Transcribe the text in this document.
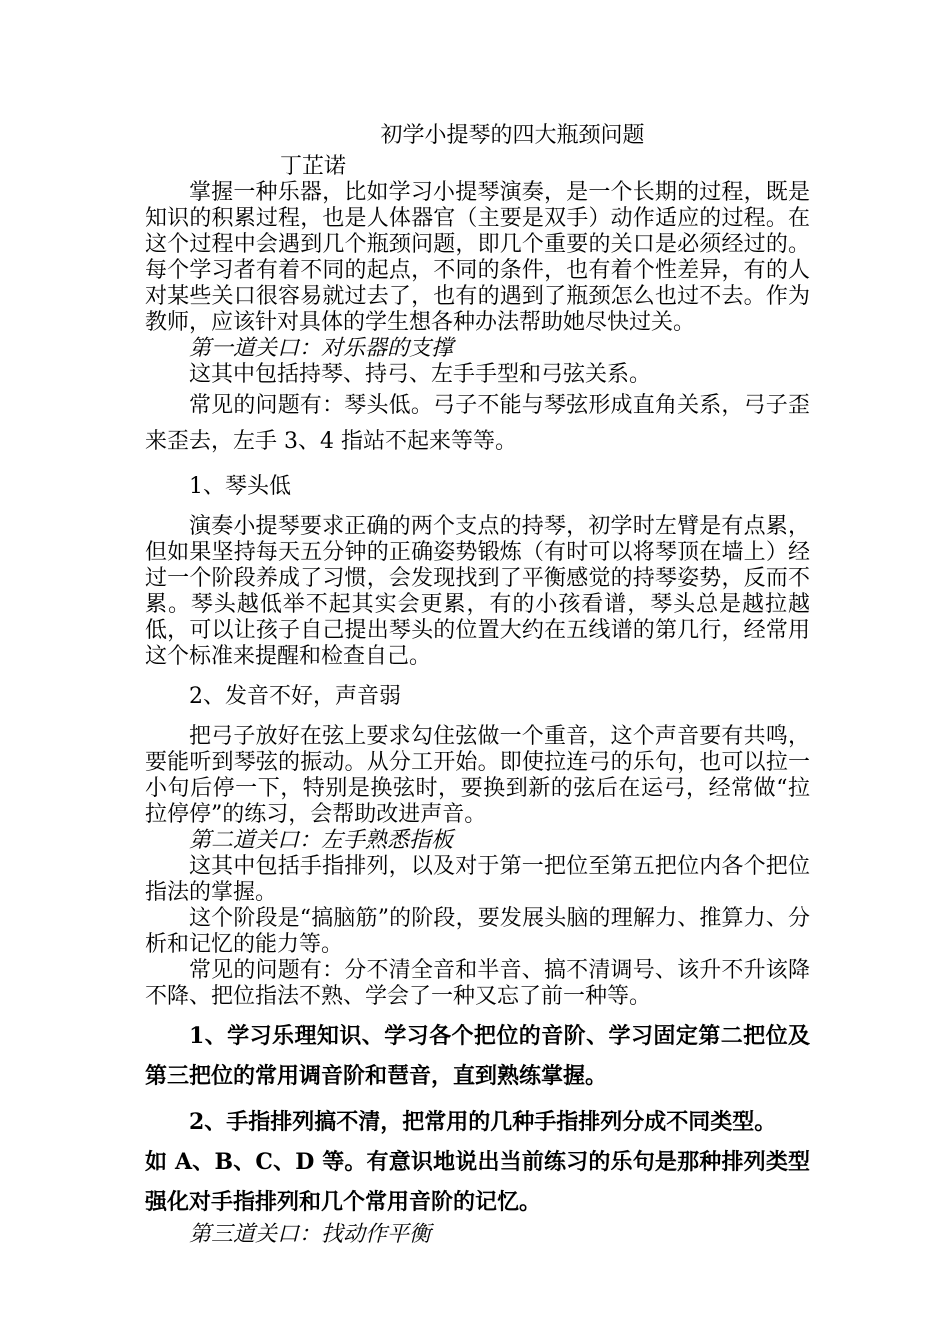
初学小提琴的四大瓶颈问题
丁芷诺

掌握一种乐器，比如学习小提琴演奏，是一个长期的过程，既是知识的积累过程，也是人体器官（主要是双手）动作适应的过程。在这个过程中会遇到几个瓶颈问题，即几个重要的关口是必须经过的。每个学习者有着不同的起点，不同的条件，也有着个性差异，有的人对某些关口很容易就过去了，也有的遇到了瓶颈怎么也过不去。作为教师，应该针对具体的学生想各种办法帮助她尽快过关。

第一道关口：对乐器的支撑

这其中包括持琴、持弓、左手手型和弓弦关系。

常见的问题有：琴头低。弓子不能与琴弦形成直角关系，弓子歪来歪去，左手 3、4 指站不起来等等。

1、琴头低

演奏小提琴要求正确的两个支点的持琴，初学时左臂是有点累，但如果坚持每天五分钟的正确姿势锻炼（有时可以将琴顶在墙上）经过一个阶段养成了习惯，会发现找到了平衡感觉的持琴姿势，反而不累。琴头越低举不起其实会更累，有的小孩看谱，琴头总是越拉越低，可以让孩子自己提出琴头的位置大约在五线谱的第几行，经常用这个标准来提醒和检查自己。

2、发音不好，声音弱

把弓子放好在弦上要求勾住弦做一个重音，这个声音要有共鸣，要能听到琴弦的振动。从分工开始。即使拉连弓的乐句，也可以拉一小句后停一下，特别是换弦时，要换到新的弦后在运弓，经常做“拉拉停停”的练习，会帮助改进声音。

第二道关口：左手熟悉指板

这其中包括手指排列，以及对于第一把位至第五把位内各个把位指法的掌握。

这个阶段是“搞脑筋”的阶段，要发展头脑的理解力、推算力、分析和记忆的能力等。

常见的问题有：分不清全音和半音、搞不清调号、该升不升该降不降、把位指法不熟、学会了一种又忘了前一种等。

1、学习乐理知识、学习各个把位的音阶、学习固定第二把位及第三把位的常用调音阶和琶音，直到熟练掌握。

2、手指排列搞不清，把常用的几种手指排列分成不同类型。

如 A、B、C、D 等。有意识地说出当前练习的乐句是那种排列类型强化对手指排列和几个常用音阶的记忆。

第三道关口：找动作平衡
